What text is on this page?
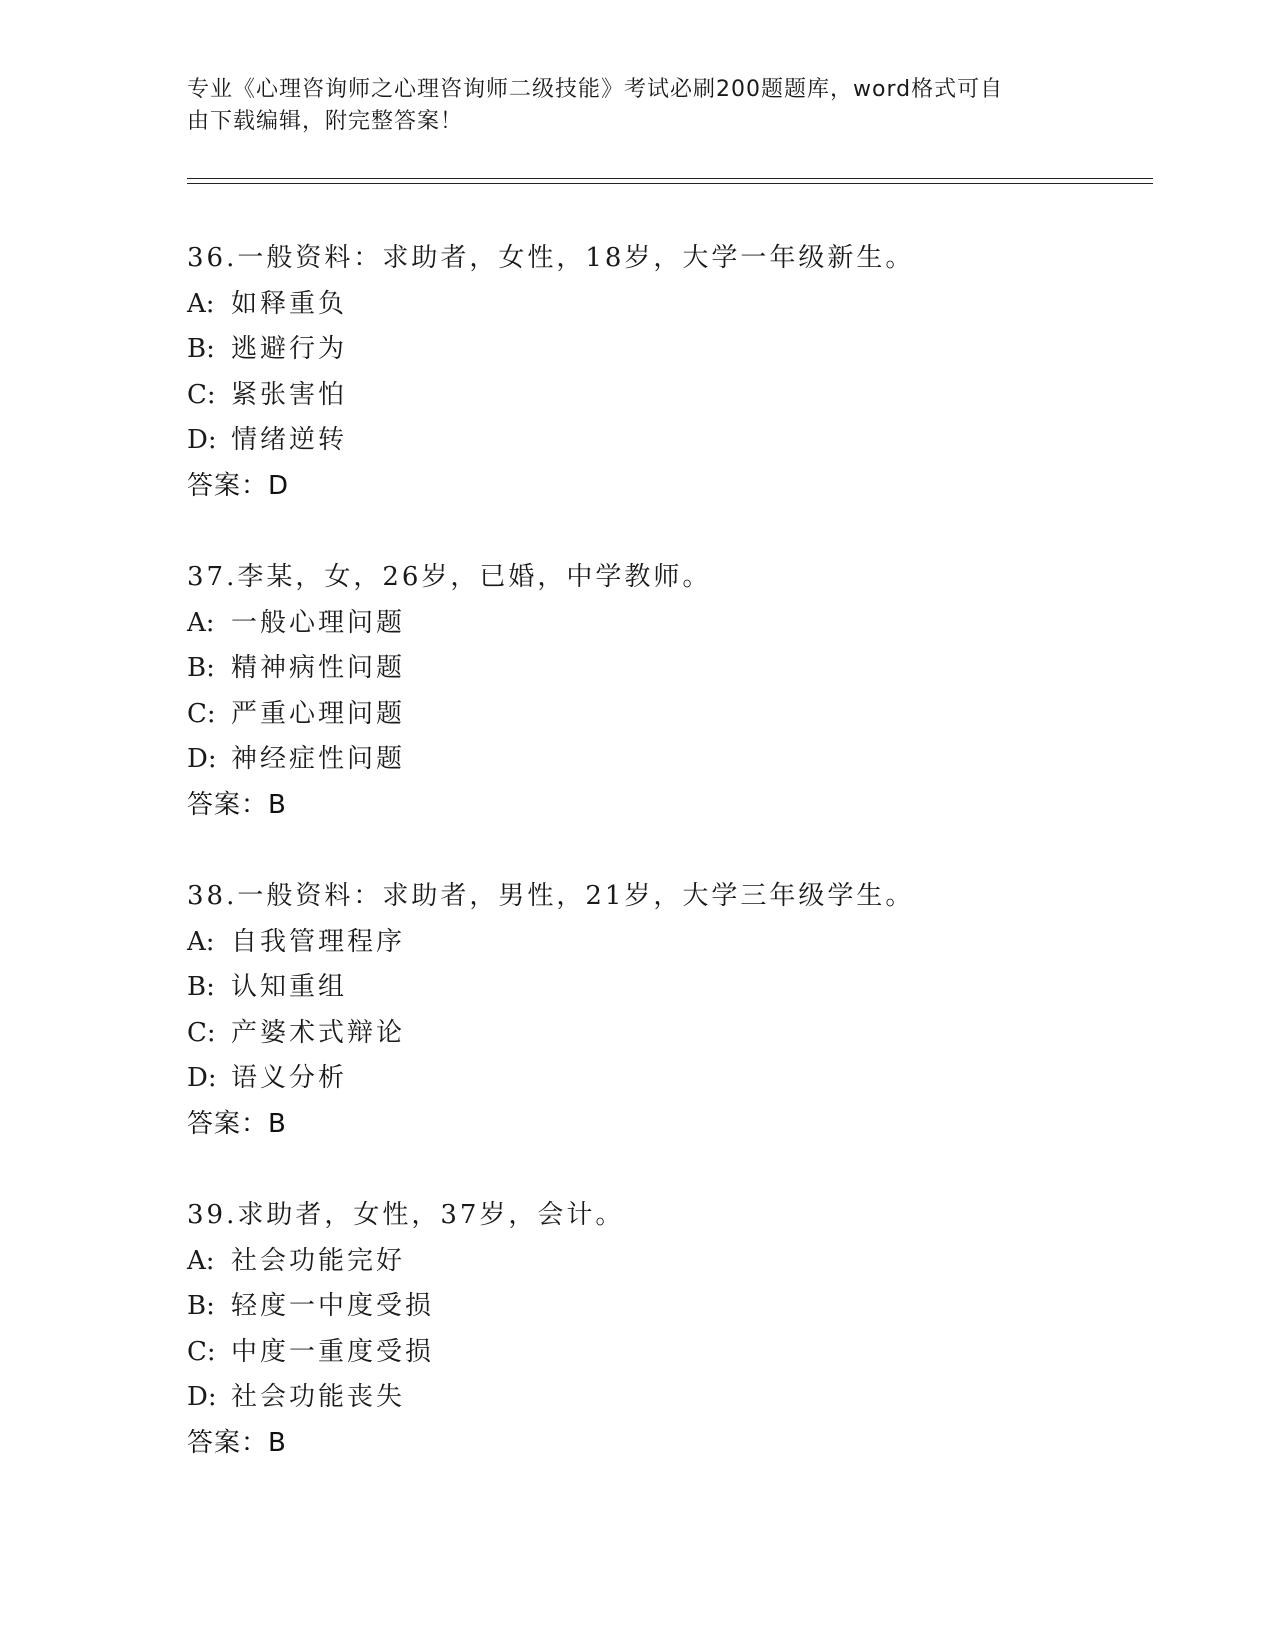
专业《心理咨询师之心理咨询师二级技能》考试必刷200题题库，word格式可自
由下载编辑，附完整答案！
36.一般资料：求助者，女性，18岁，大学一年级新生。
A: 如释重负
B: 逃避行为
C: 紧张害怕
D: 情绪逆转
答案：D
37.李某，女，26岁，已婚，中学教师。
A: 一般心理问题
B: 精神病性问题
C: 严重心理问题
D: 神经症性问题
答案：B
38.一般资料：求助者，男性，21岁，大学三年级学生。
A: 自我管理程序
B: 认知重组
C: 产婆术式辩论
D: 语义分析
答案：B
39.求助者，女性，37岁，会计。
A: 社会功能完好
B: 轻度一中度受损
C: 中度一重度受损
D: 社会功能丧失
答案：B
